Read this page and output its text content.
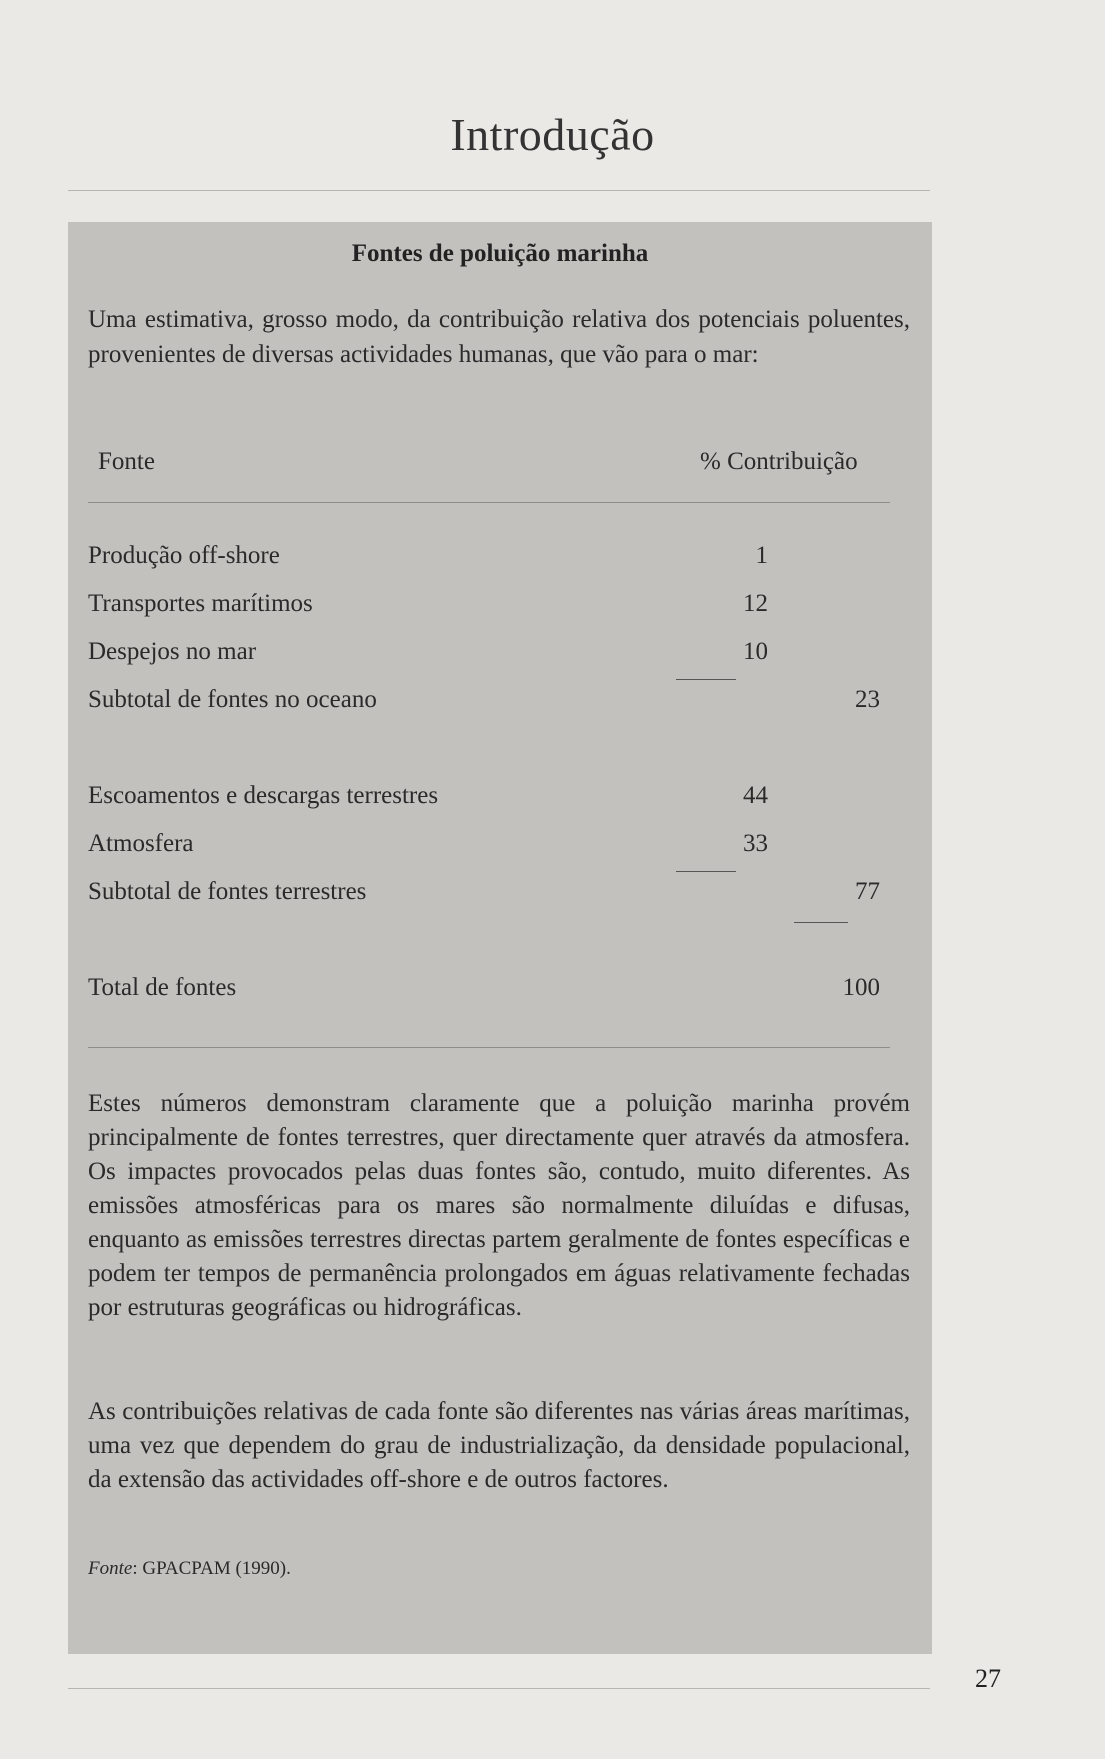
Introdução
Fontes de poluição marinha
Uma estimativa, grosso modo, da contribuição relativa dos potenciais poluentes, provenientes de diversas actividades humanas, que vão para o mar:
Fonte	% Contribuição
Produção off-shore	1
Transportes marítimos	12
Despejos no mar	10
Subtotal de fontes no oceano	23
Escoamentos e descargas terrestres	44
Atmosfera	33
Subtotal de fontes terrestres	77
Total de fontes	100
Estes números demonstram claramente que a poluição marinha provém principalmente de fontes terrestres, quer directamente quer através da atmosfera. Os impactes provocados pelas duas fontes são, contudo, muito diferentes. As emissões atmosféricas para os mares são normalmente diluídas e difusas, enquanto as emissões terrestres directas partem geralmente de fontes específicas e podem ter tempos de permanência prolongados em águas relativamente fechadas por estruturas geográficas ou hidrográficas.
As contribuições relativas de cada fonte são diferentes nas várias áreas marítimas, uma vez que dependem do grau de industrialização, da densidade populacional, da extensão das actividades off-shore e de outros factores.
Fonte: GPACPAM (1990).
27
